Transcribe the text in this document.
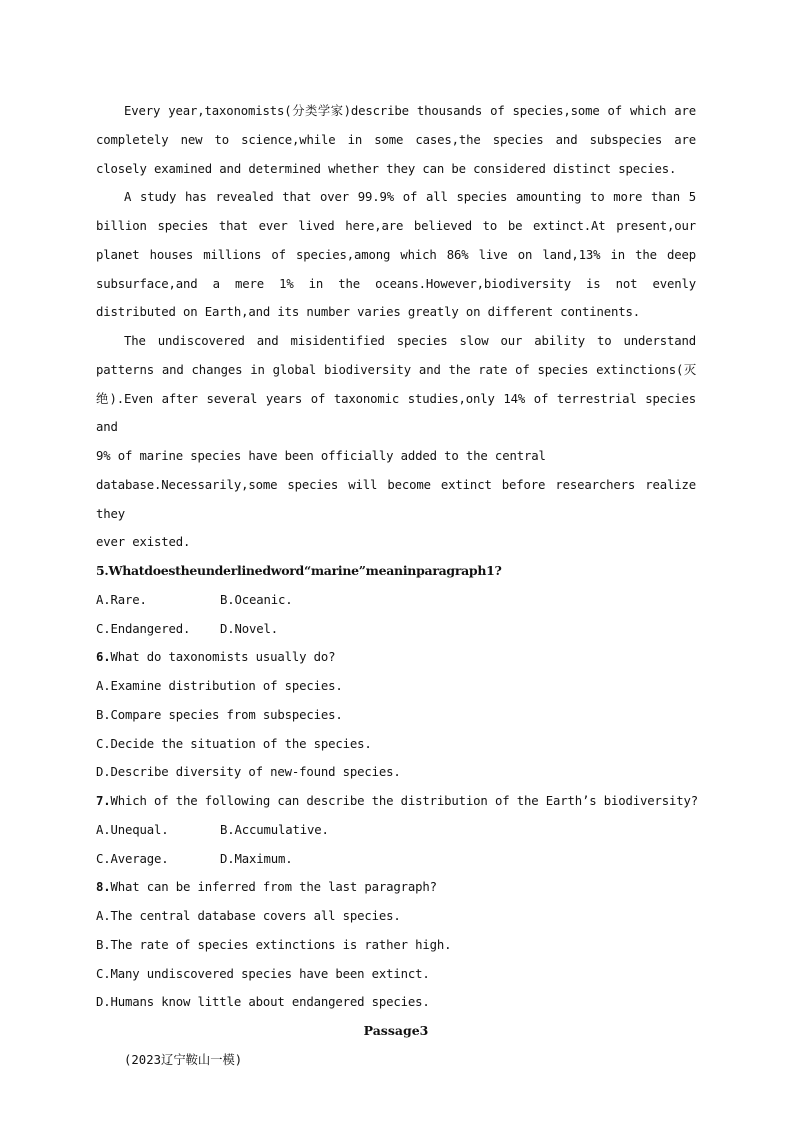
Every year,taxonomists(分类学家)describe thousands of species,some of which are completely new to science,while in some cases,the species and subspecies are closely examined and determined whether they can be considered distinct species.

A study has revealed that over 99.9% of all species amounting to more than 5 billion species that ever lived here,are believed to be extinct.At present,our planet houses millions of species,among which 86% live on land,13% in the deep subsurface,and a mere 1% in the oceans.However,biodiversity is not evenly distributed on Earth,and its number varies greatly on different continents.

The undiscovered and misidentified species slow our ability to understand

patterns and changes in global biodiversity and the rate of species extinctions(灭

绝).Even after several years of taxonomic studies,only 14% of terrestrial species and

9% of marine species have been officially added to the central

database.Necessarily,some species will become extinct before researchers realize they

ever existed.

5.Whatdoestheunderlinedword“marine”meaninparagraph1?

A.Rare.	B.Oceanic.

C.Endangered.	D.Novel.

6.What do taxonomists usually do?

A.Examine distribution of species.

B.Compare species from subspecies.

C.Decide the situation of the species.

D.Describe diversity of new-found species.

7.Which of the following can describe the distribution of the Earth’s biodiversity?

A.Unequal.	B.Accumulative.

C.Average.	D.Maximum.

8.What can be inferred from the last paragraph?

A.The central database covers all species.

B.The rate of species extinctions is rather high.

C.Many undiscovered species have been extinct.

D.Humans know little about endangered species.

Passage3

(2023辽宁鞍山一模)
